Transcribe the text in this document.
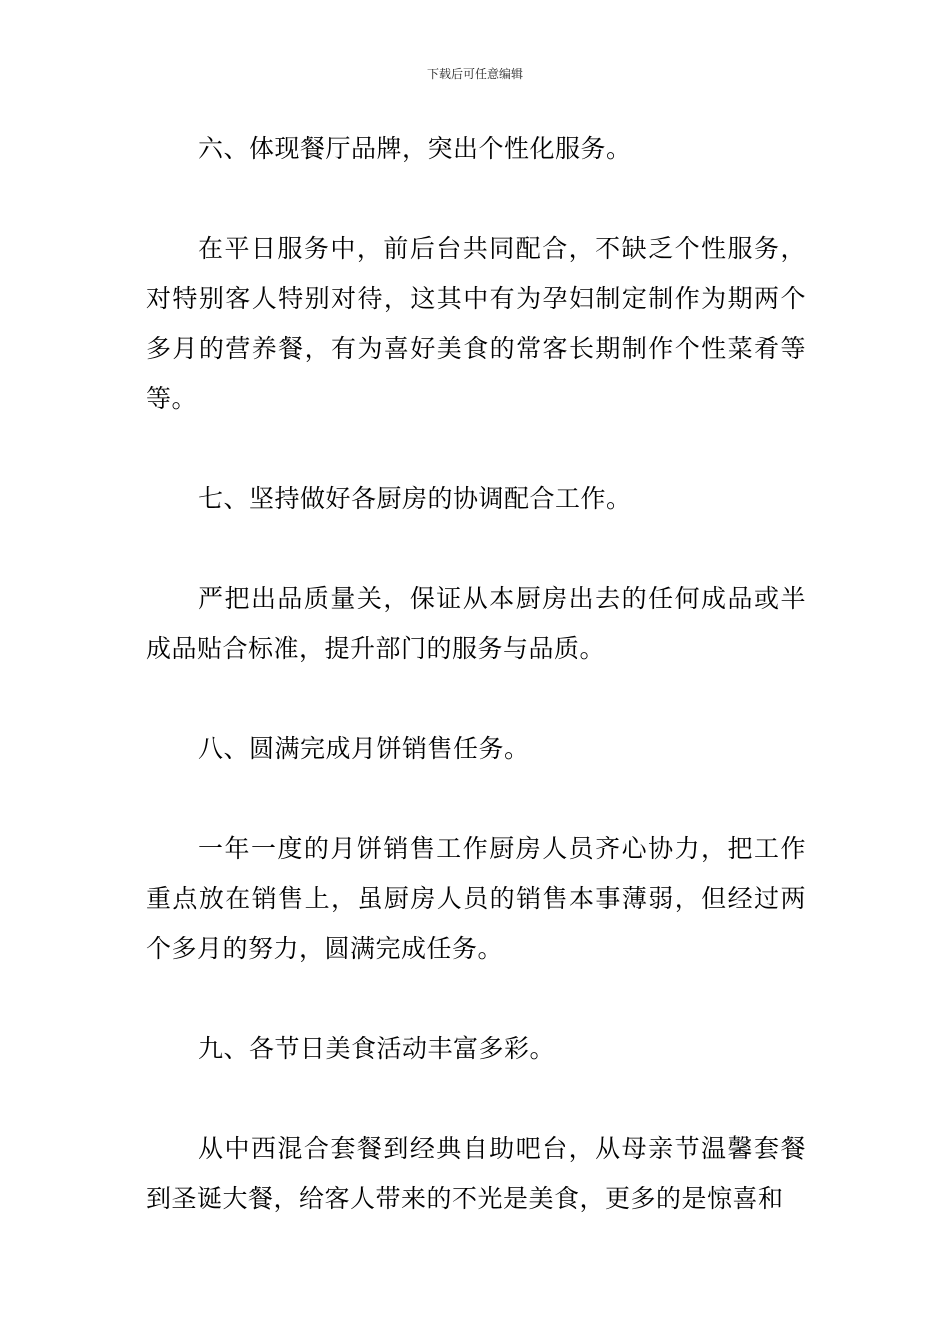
下载后可任意编辑

六、体现餐厅品牌，突出个性化服务。

在平日服务中，前后台共同配合，不缺乏个性服务，对特别客人特别对待，这其中有为孕妇制定制作为期两个多月的营养餐，有为喜好美食的常客长期制作个性菜肴等等。

七、坚持做好各厨房的协调配合工作。

严把出品质量关，保证从本厨房出去的任何成品或半成品贴合标准，提升部门的服务与品质。

八、圆满完成月饼销售任务。

一年一度的月饼销售工作厨房人员齐心协力，把工作重点放在销售上，虽厨房人员的销售本事薄弱，但经过两个多月的努力，圆满完成任务。

九、各节日美食活动丰富多彩。

从中西混合套餐到经典自助吧台，从母亲节温馨套餐到圣诞大餐，给客人带来的不光是美食，更多的是惊喜和
